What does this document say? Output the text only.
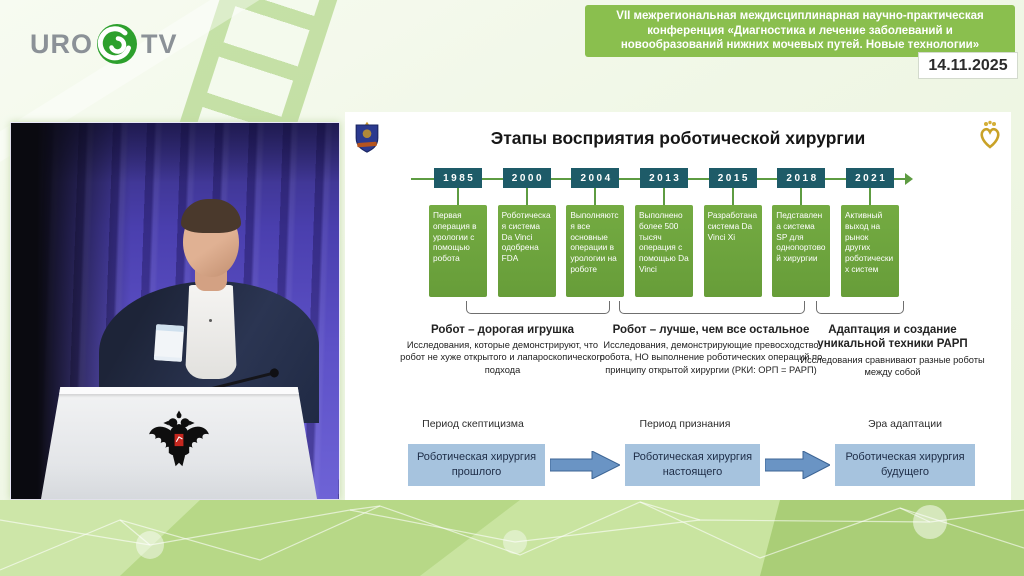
URO TV
VII межрегиональная междисциплинарная научно-практическая
конференция «Диагностика и лечение заболеваний и
новообразований нижних мочевых путей. Новые технологии»
14.11.2025
Этапы восприятия роботической хирургии
1985
Первая операция в урологии с помощью робота
2000
Роботическая система Da Vinci одобрена FDA
2004
Выполняются все основные операции в урологии на роботе
2013
Выполнено более 500 тысяч операция с помощью Da Vinci
2015
Разработана система Da Vinci Xi
2018
Педставлена система SP для однопортовой хирургии
2021
Активный выход на рынок других роботических систем
Робот – дорогая игрушка
Исследования, которые демонстрируют, что робот не хуже открытого и лапароскопического подхода
Робот – лучше, чем все остальное
Исследования, демонстрирующие превосходство робота, НО выполнение роботических операций по принципу открытой хирургии (РКИ: ОРП = РАРП)
Адаптация и создание уникальной техники РАРП
Исследования сравнивают разные роботы между собой
Период скептицизма	Период признания	Эра адаптации
Роботическая хирургия прошлого
Роботическая хирургия настоящего
Роботическая хирургия будущего
